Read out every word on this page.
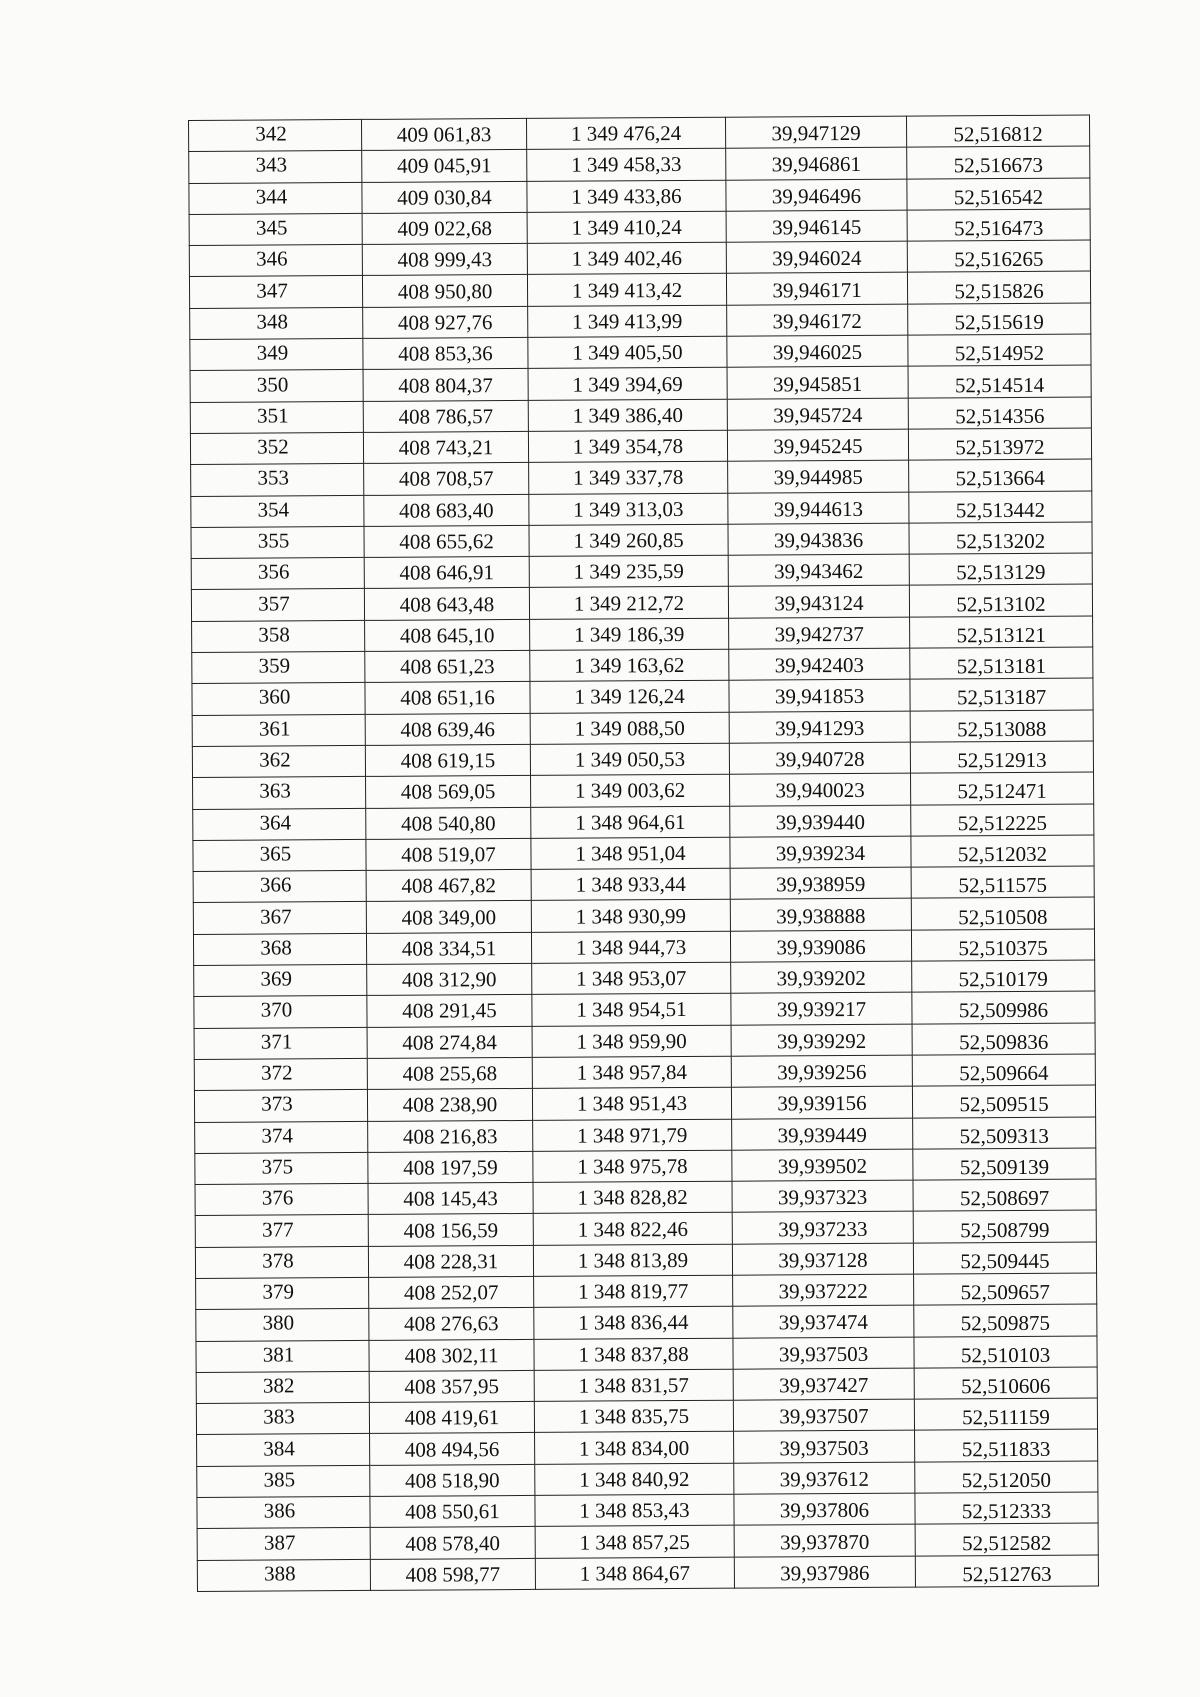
342	409 061,83	1 349 476,24	39,947129	52,516812
343	409 045,91	1 349 458,33	39,946861	52,516673
344	409 030,84	1 349 433,86	39,946496	52,516542
345	409 022,68	1 349 410,24	39,946145	52,516473
346	408 999,43	1 349 402,46	39,946024	52,516265
347	408 950,80	1 349 413,42	39,946171	52,515826
348	408 927,76	1 349 413,99	39,946172	52,515619
349	408 853,36	1 349 405,50	39,946025	52,514952
350	408 804,37	1 349 394,69	39,945851	52,514514
351	408 786,57	1 349 386,40	39,945724	52,514356
352	408 743,21	1 349 354,78	39,945245	52,513972
353	408 708,57	1 349 337,78	39,944985	52,513664
354	408 683,40	1 349 313,03	39,944613	52,513442
355	408 655,62	1 349 260,85	39,943836	52,513202
356	408 646,91	1 349 235,59	39,943462	52,513129
357	408 643,48	1 349 212,72	39,943124	52,513102
358	408 645,10	1 349 186,39	39,942737	52,513121
359	408 651,23	1 349 163,62	39,942403	52,513181
360	408 651,16	1 349 126,24	39,941853	52,513187
361	408 639,46	1 349 088,50	39,941293	52,513088
362	408 619,15	1 349 050,53	39,940728	52,512913
363	408 569,05	1 349 003,62	39,940023	52,512471
364	408 540,80	1 348 964,61	39,939440	52,512225
365	408 519,07	1 348 951,04	39,939234	52,512032
366	408 467,82	1 348 933,44	39,938959	52,511575
367	408 349,00	1 348 930,99	39,938888	52,510508
368	408 334,51	1 348 944,73	39,939086	52,510375
369	408 312,90	1 348 953,07	39,939202	52,510179
370	408 291,45	1 348 954,51	39,939217	52,509986
371	408 274,84	1 348 959,90	39,939292	52,509836
372	408 255,68	1 348 957,84	39,939256	52,509664
373	408 238,90	1 348 951,43	39,939156	52,509515
374	408 216,83	1 348 971,79	39,939449	52,509313
375	408 197,59	1 348 975,78	39,939502	52,509139
376	408 145,43	1 348 828,82	39,937323	52,508697
377	408 156,59	1 348 822,46	39,937233	52,508799
378	408 228,31	1 348 813,89	39,937128	52,509445
379	408 252,07	1 348 819,77	39,937222	52,509657
380	408 276,63	1 348 836,44	39,937474	52,509875
381	408 302,11	1 348 837,88	39,937503	52,510103
382	408 357,95	1 348 831,57	39,937427	52,510606
383	408 419,61	1 348 835,75	39,937507	52,511159
384	408 494,56	1 348 834,00	39,937503	52,511833
385	408 518,90	1 348 840,92	39,937612	52,512050
386	408 550,61	1 348 853,43	39,937806	52,512333
387	408 578,40	1 348 857,25	39,937870	52,512582
388	408 598,77	1 348 864,67	39,937986	52,512763
